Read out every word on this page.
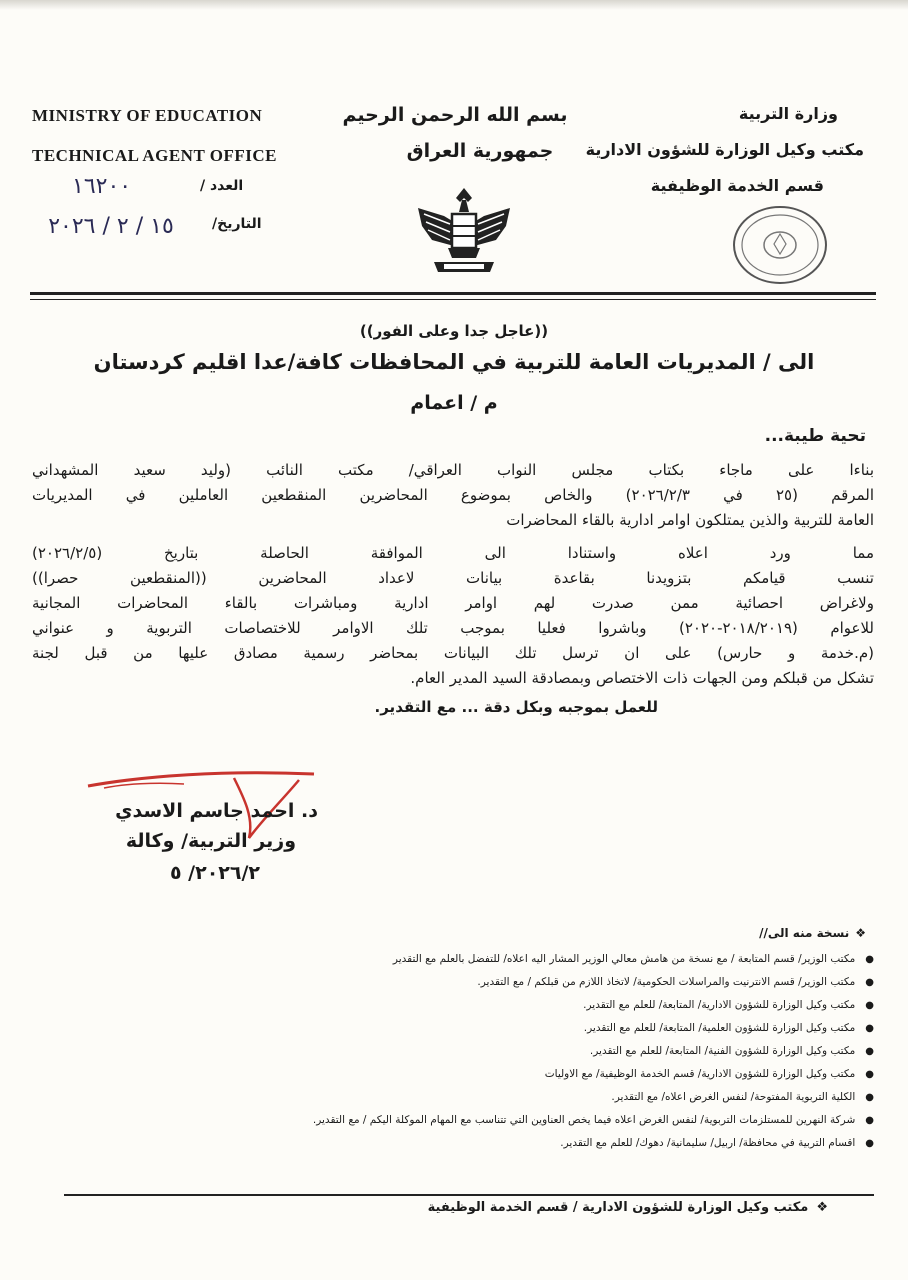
MINISTRY OF EDUCATION
TECHNICAL AGENT OFFICE
العدد /
١٦٢٠٠
التاريخ/
١٥ / ٢ / ٢٠٢٦
بسم الله الرحمن الرحيم
جمهورية العراق
وزارة التربية
مكتب وكيل الوزارة للشؤون الادارية
قسم الخدمة الوظيفية
((عاجل جدا وعلى الفور))
الى / المديريات العامة للتربية في المحافظات كافة/عدا اقليم كردستان
م / اعمام
تحية طيبة...
بناءا على ماجاء بكتاب مجلس النواب العراقي/ مكتب النائب (وليد سعيد المشهداني
المرقم (٢٥ في ٢٠٢٦/٢/٣) والخاص بموضوع المحاضرين المنقطعين العاملين في المديريات
العامة للتربية والذين يمتلكون اوامر ادارية بالقاء المحاضرات
مما ورد اعلاه واستنادا الى الموافقة الحاصلة بتاريخ (٢٠٢٦/٢/٥)
تنسب قيامكم بتزويدنا بقاعدة بيانات لاعداد المحاضرين ((المنقطعين حصرا))
ولاغراض احصائية ممن صدرت لهم اوامر ادارية ومباشرات بالقاء المحاضرات المجانية
للاعوام (٢٠١٨/٢٠١٩-٢٠٢٠) وباشروا فعليا بموجب تلك الاوامر للاختصاصات التربوية و عنواني
(م.خدمة و حارس) على ان ترسل تلك البيانات بمحاضر رسمية مصادق عليها من قبل لجنة
تشكل من قبلكم ومن الجهات ذات الاختصاص وبمصادقة السيد المدير العام.
للعمل بموجبه وبكل دقة ... مع التقدير.
د. احمد جاسم الاسدي
وزير التربية/ وكالة
٢٠٢٦/٢/ ٥
❖نسخة منه الى//
●مكتب الوزير/ قسم المتابعة / مع نسخة من هامش معالي الوزير المشار اليه اعلاه/ للتفضل بالعلم مع التقدير
●مكتب الوزير/ قسم الانترنيت والمراسلات الحكومية/ لاتخاذ اللازم من قبلكم / مع التقدير.
●مكتب وكيل الوزارة للشؤون الادارية/ المتابعة/ للعلم مع التقدير.
●مكتب وكيل الوزارة للشؤون العلمية/ المتابعة/ للعلم مع التقدير.
●مكتب وكيل الوزارة للشؤون الفنية/ المتابعة/ للعلم مع التقدير.
●مكتب وكيل الوزارة للشؤون الادارية/ قسم الخدمة الوظيفية/ مع الاوليات
●الكلية التربوية المفتوحة/ لنفس الغرض اعلاه/ مع التقدير.
●شركة النهرين للمستلزمات التربوية/ لنفس الغرض اعلاه فيما يخص العناوين التي تتناسب مع المهام الموكلة اليكم / مع التقدير.
●اقسام التربية في محافظة/ اربيل/ سليمانية/ دهوك/ للعلم مع التقدير.
❖مكتب وكيل الوزارة للشؤون الادارية / قسم الخدمة الوظيفية
